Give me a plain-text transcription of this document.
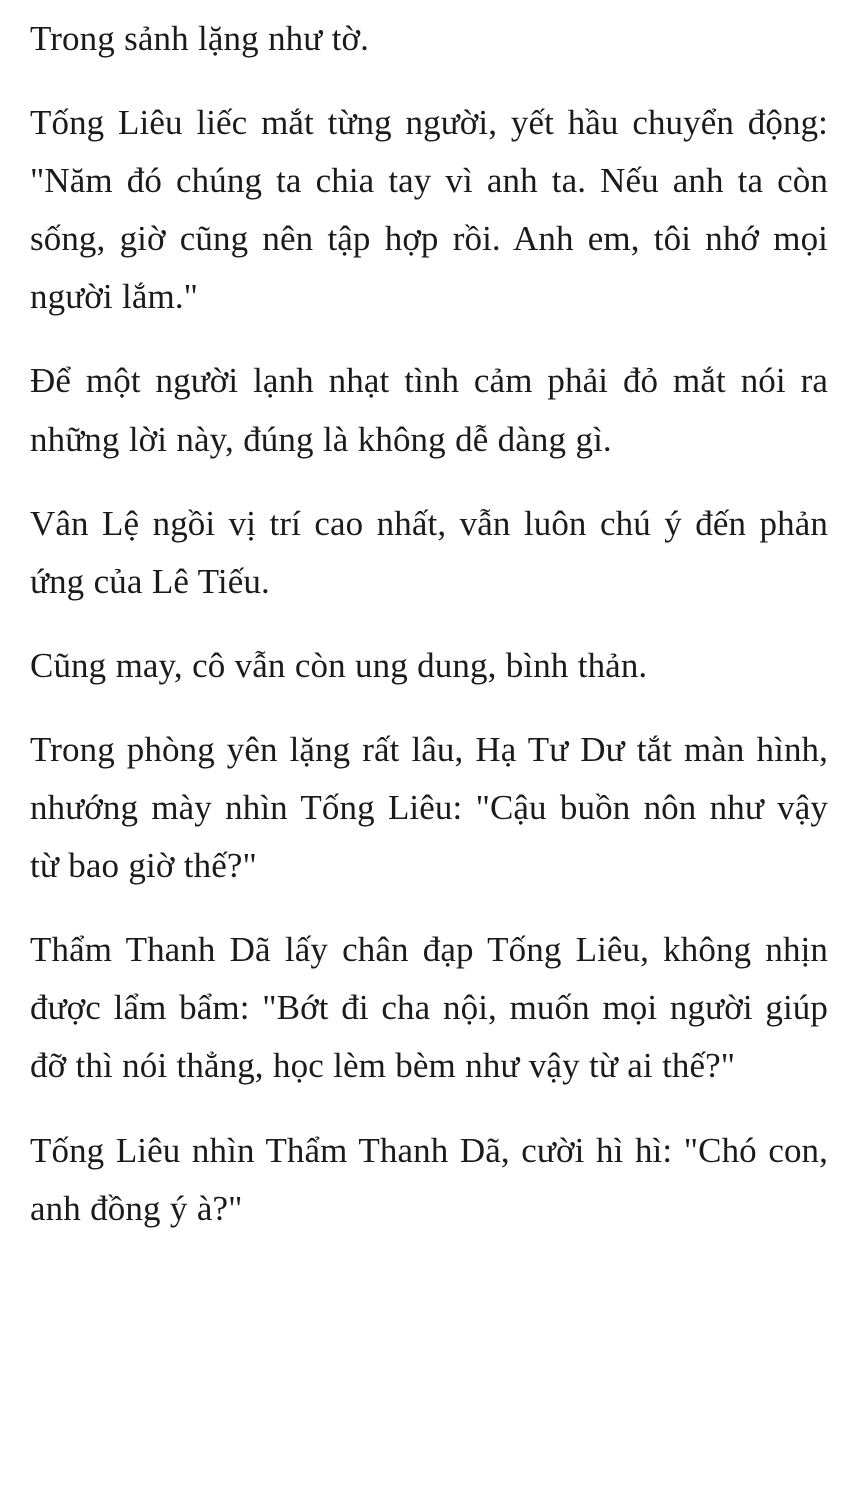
Trong sảnh lặng như tờ.

Tống Liêu liếc mắt từng người, yết hầu chuyển động: "Năm đó chúng ta chia tay vì anh ta. Nếu anh ta còn sống, giờ cũng nên tập hợp rồi. Anh em, tôi nhớ mọi người lắm."

Để một người lạnh nhạt tình cảm phải đỏ mắt nói ra những lời này, đúng là không dễ dàng gì.

Vân Lệ ngồi vị trí cao nhất, vẫn luôn chú ý đến phản ứng của Lê Tiếu.

Cũng may, cô vẫn còn ung dung, bình thản.

Trong phòng yên lặng rất lâu, Hạ Tư Dư tắt màn hình, nhướng mày nhìn Tống Liêu: "Cậu buồn nôn như vậy từ bao giờ thế?"

Thẩm Thanh Dã lấy chân đạp Tống Liêu, không nhịn được lẩm bẩm: "Bớt đi cha nội, muốn mọi người giúp đỡ thì nói thẳng, học lèm bèm như vậy từ ai thế?"

Tống Liêu nhìn Thẩm Thanh Dã, cười hì hì: "Chó con, anh đồng ý à?"
